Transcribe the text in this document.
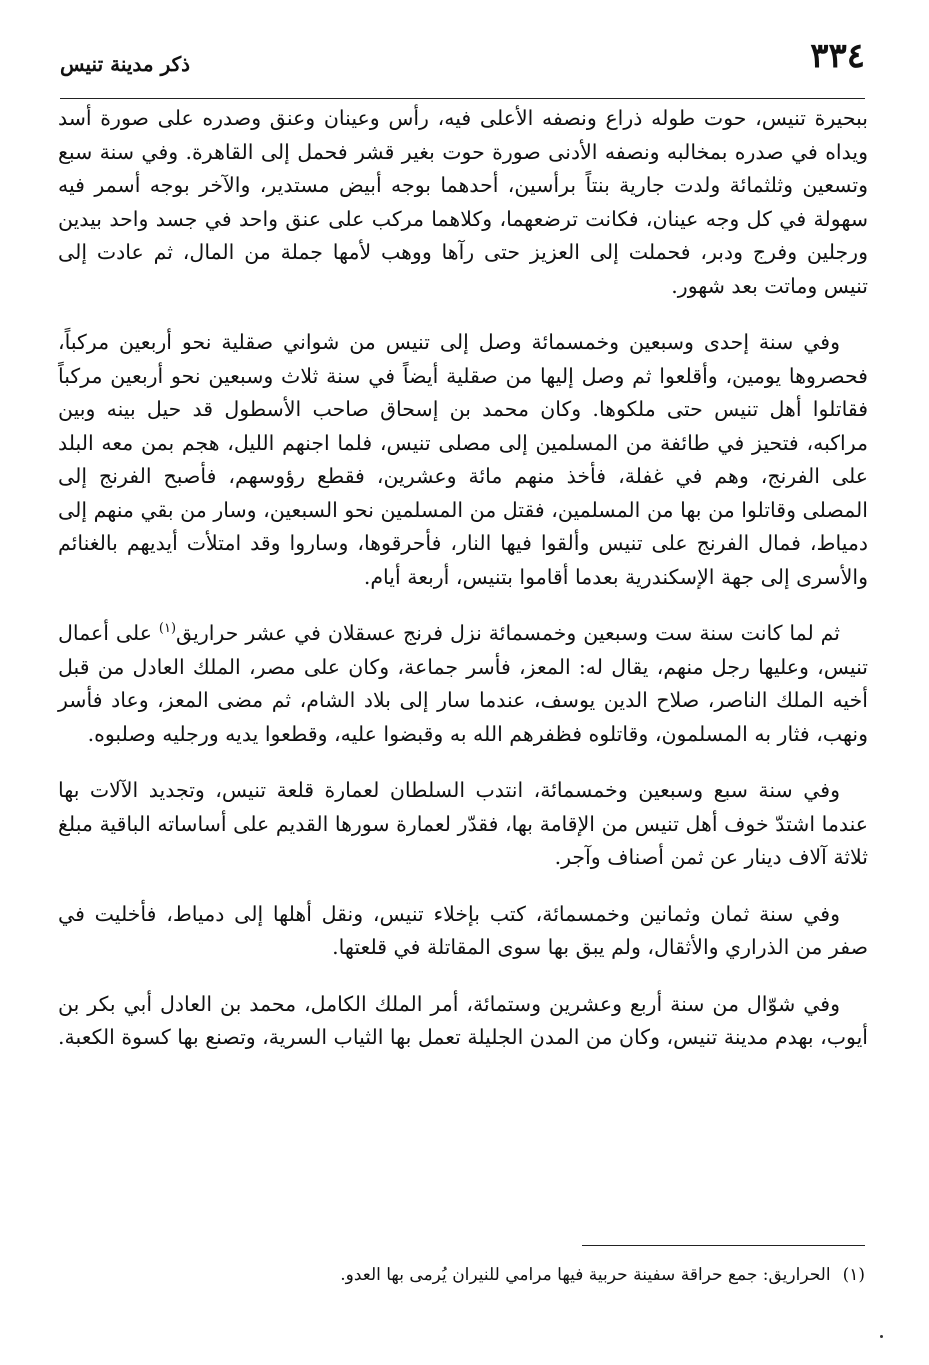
٣٣٤
ذكر مدينة تنيس

ببحيرة تنيس، حوت طوله ذراع ونصفه الأعلى فيه، رأس وعينان وعنق وصدره على صورة أسد ويداه في صدره بمخالبه ونصفه الأدنى صورة حوت بغير قشر فحمل إلى القاهرة. وفي سنة سبع وتسعين وثلثمائة ولدت جارية بنتاً برأسين، أحدهما بوجه أبيض مستدير، والآخر بوجه أسمر فيه سهولة في كل وجه عينان، فكانت ترضعهما، وكلاهما مركب على عنق واحد في جسد واحد بيدين ورجلين وفرج ودبر، فحملت إلى العزيز حتى رآها ووهب لأمها جملة من المال، ثم عادت إلى تنيس وماتت بعد شهور.

وفي سنة إحدى وسبعين وخمسمائة وصل إلى تنيس من شواني صقلية نحو أربعين مركباً، فحصروها يومين، وأقلعوا ثم وصل إليها من صقلية أيضاً في سنة ثلاث وسبعين نحو أربعين مركباً فقاتلوا أهل تنيس حتى ملكوها. وكان محمد بن إسحاق صاحب الأسطول قد حيل بينه وبين مراكبه، فتحيز في طائفة من المسلمين إلى مصلى تنيس، فلما اجنهم الليل، هجم بمن معه البلد على الفرنج، وهم في غفلة، فأخذ منهم مائة وعشرين، فقطع رؤوسهم، فأصبح الفرنج إلى المصلى وقاتلوا من بها من المسلمين، فقتل من المسلمين نحو السبعين، وسار من بقي منهم إلى دمياط، فمال الفرنج على تنيس وألقوا فيها النار، فأحرقوها، وساروا وقد امتلأت أيديهم بالغنائم والأسرى إلى جهة الإسكندرية بعدما أقاموا بتنيس، أربعة أيام.

ثم لما كانت سنة ست وسبعين وخمسمائة نزل فرنج عسقلان في عشر حراريق$^{(١)}$ على أعمال تنيس، وعليها رجل منهم، يقال له: المعز، فأسر جماعة، وكان على مصر، الملك العادل من قبل أخيه الملك الناصر، صلاح الدين يوسف، عندما سار إلى بلاد الشام، ثم مضى المعز، وعاد فأسر ونهب، فثار به المسلمون، وقاتلوه فظفرهم الله به وقبضوا عليه، وقطعوا يديه ورجليه وصلبوه.

وفي سنة سبع وسبعين وخمسمائة، انتدب السلطان لعمارة قلعة تنيس، وتجديد الآلات بها عندما اشتدّ خوف أهل تنيس من الإقامة بها، فقدّر لعمارة سورها القديم على أساساته الباقية مبلغ ثلاثة آلاف دينار عن ثمن أصناف وآجر.

وفي سنة ثمان وثمانين وخمسمائة، كتب بإخلاء تنيس، ونقل أهلها إلى دمياط، فأخليت في صفر من الذراري والأثقال، ولم يبق بها سوى المقاتلة في قلعتها.

وفي شوّال من سنة أربع وعشرين وستمائة، أمر الملك الكامل، محمد بن العادل أبي بكر بن أيوب، بهدم مدينة تنيس، وكان من المدن الجليلة تعمل بها الثياب السرية، وتصنع بها كسوة الكعبة.

(١)الحراريق: جمع حراقة سفينة حربية فيها مرامي للنيران يُرمى بها العدو.
